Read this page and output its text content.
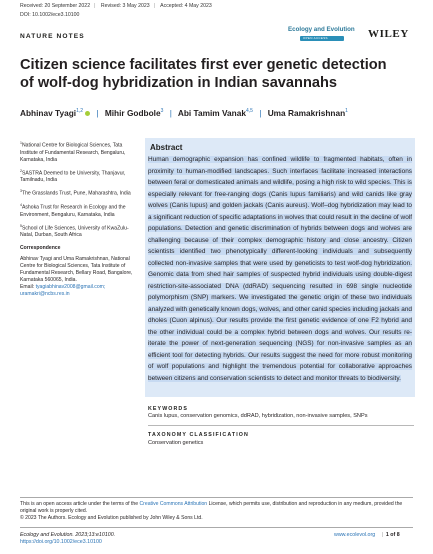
Received: 20 September 2022 | Revised: 3 May 2023 | Accepted: 4 May 2023
DOI: 10.1002/ece3.10100
NATURE NOTES
Ecology and Evolution
OPEN ACCESS	WILEY
Citizen science facilitates first ever genetic detection of wolf-dog hybridization in Indian savannahs
Abhinav Tyagi$^{1,2}$ | Mihir Godbole$^3$ | Abi Tamim Vanak$^{4,5}$ | Uma Ramakrishnan$^1$

$^1$National Centre for Biological Sciences, Tata Institute of Fundamental Research, Bengaluru, Karnataka, India

$^2$SASTRA Deemed to be University, Thanjavur, Tamilnadu, India

$^3$The Grasslands Trust, Pune, Maharashtra, India

$^4$Ashoka Trust for Research in Ecology and the Environment, Bengaluru, Karnataka, India

$^5$School of Life Sciences, University of KwaZulu-Natal, Durban, South Africa

Correspondence

Abhinav Tyagi and Uma Ramakrishnan, National Centre for Biological Sciences, Tata Institute of Fundamental Research, Bellary Road, Bangalore, Karnataka 560065, India.
Email: tyagiabhinav2008@gmail.com;
uramakri@ncbs.res.in

Abstract
Human demographic expansion has confined wildlife to fragmented habitats, often in proximity to human-modified landscapes. Such interfaces facilitate increased interactions between feral or domesticated animals and wildlife, posing a high risk to wild species. This is especially relevant for free-ranging dogs (Canis lupus familiaris) and wild canids like gray wolves (Canis lupus) and golden jackals (Canis aureus). Wolf–dog hybridization may lead to a significant reduction of specific adaptations in wolves that could result in the decline of wolf populations. Detection and genetic discrimination of hybrids between dogs and wolves are challenging because of their complex demographic history and close ancestry. Citizen scientists identified two phenotypically different-looking individuals and subsequently collected non-invasive samples that were used by geneticists to test wolf-dog hybridization. Genomic data from shed hair samples of suspected hybrid individuals using double-digest restriction-site-associated DNA (ddRAD) sequencing resulted in 698 single nucleotide polymorphism (SNP) markers. We investigated the genetic origin of these two individuals analyzed with genetically known dogs, wolves, and other canid species including jackals and dholes (Cuon alpinus). Our results provide the first genetic evidence of one F2 hybrid and the other individual could be a complex hybrid between dogs and wolves. Our results re-iterate the power of next-generation sequencing (NGS) for non-invasive samples as an efficient tool for detecting hybrids. Our results suggest the need for more robust monitoring of wolf populations and highlight the tremendous potential for collaborative approaches between citizens and conservation scientists to detect and monitor threats to biodiversity.
KEYWORDS
Canis lupus, conservation genomics, ddRAD, hybridization, non-invasive samples, SNPs
TAXONOMY CLASSIFICATION
Conservation genetics
This is an open access article under the terms of the Creative Commons Attribution License, which permits use, distribution and reproduction in any medium, provided the original work is properly cited.
© 2023 The Authors. Ecology and Evolution published by John Wiley & Sons Ltd.
Ecology and Evolution. 2023;13:e10100.
https://doi.org/10.1002/ece3.10100
www.ecolevol.org | 1 of 8
